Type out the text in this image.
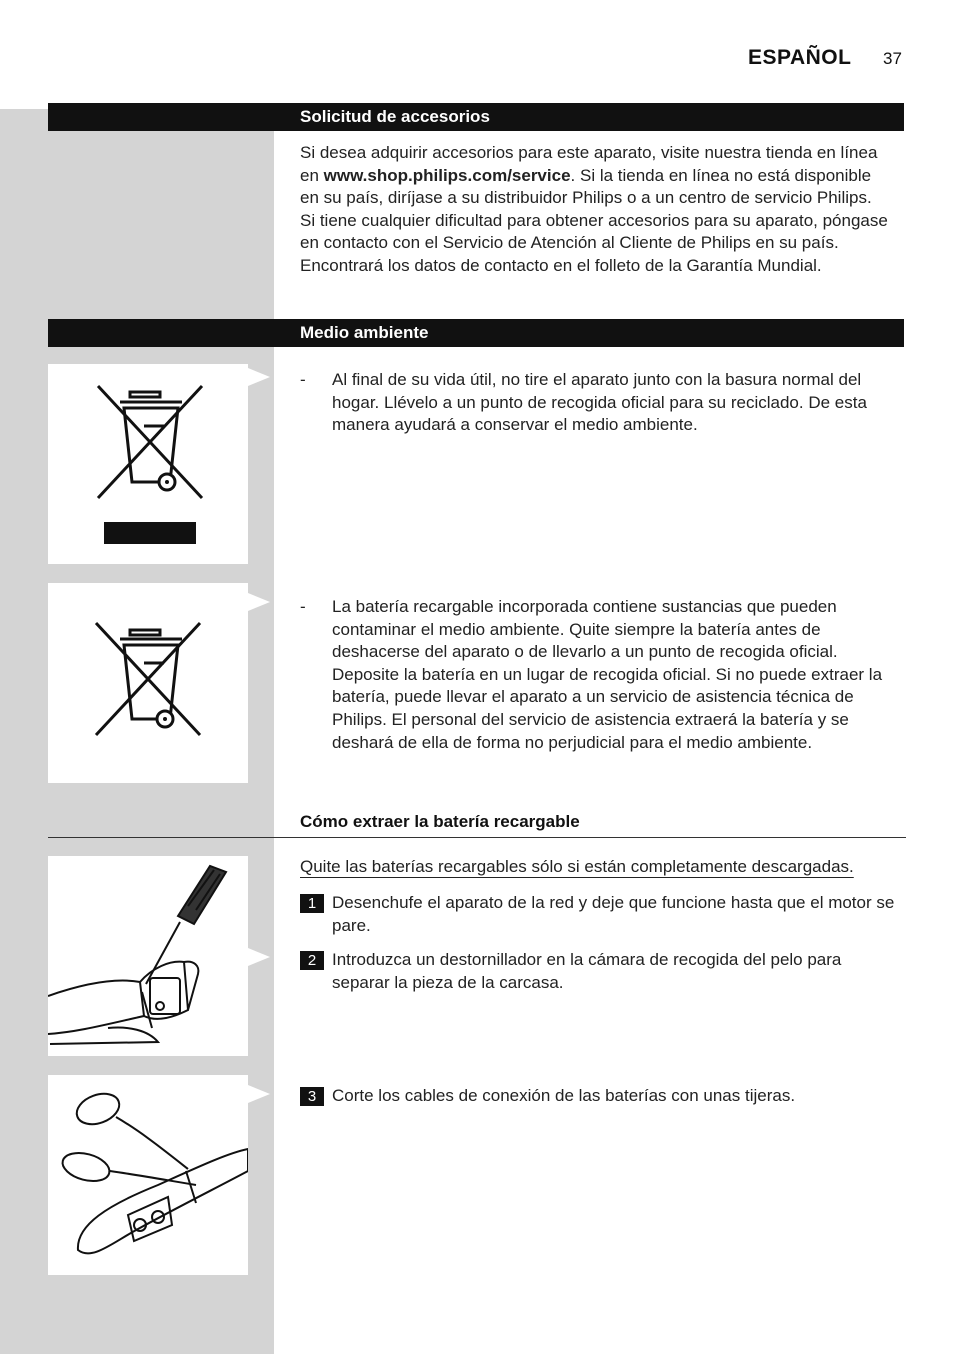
ESPAÑOL 37
Solicitud de accesorios
Si desea adquirir accesorios para este aparato, visite nuestra tienda en línea en www.shop.philips.com/service. Si la tienda en línea no está disponible en su país, diríjase a su distribuidor Philips o a un centro de servicio Philips. Si tiene cualquier dificultad para obtener accesorios para su aparato, póngase en contacto con el Servicio de Atención al Cliente de Philips en su país. Encontrará los datos de contacto en el folleto de la Garantía Mundial.
Medio ambiente
- Al final de su vida útil, no tire el aparato junto con la basura normal del hogar. Llévelo a un punto de recogida oficial para su reciclado. De esta manera ayudará a conservar el medio ambiente.
- La batería recargable incorporada contiene sustancias que pueden contaminar el medio ambiente. Quite siempre la batería antes de deshacerse del aparato o de llevarlo a un punto de recogida oficial. Deposite la batería en un lugar de recogida oficial. Si no puede extraer la batería, puede llevar el aparato a un servicio de asistencia técnica de Philips. El personal del servicio de asistencia extraerá la batería y se deshará de ella de forma no perjudicial para el medio ambiente.
Cómo extraer la batería recargable
Quite las baterías recargables sólo si están completamente descargadas.
1 Desenchufe el aparato de la red y deje que funcione hasta que el motor se pare.
2 Introduzca un destornillador en la cámara de recogida del pelo para separar la pieza de la carcasa.
3 Corte los cables de conexión de las baterías con unas tijeras.
